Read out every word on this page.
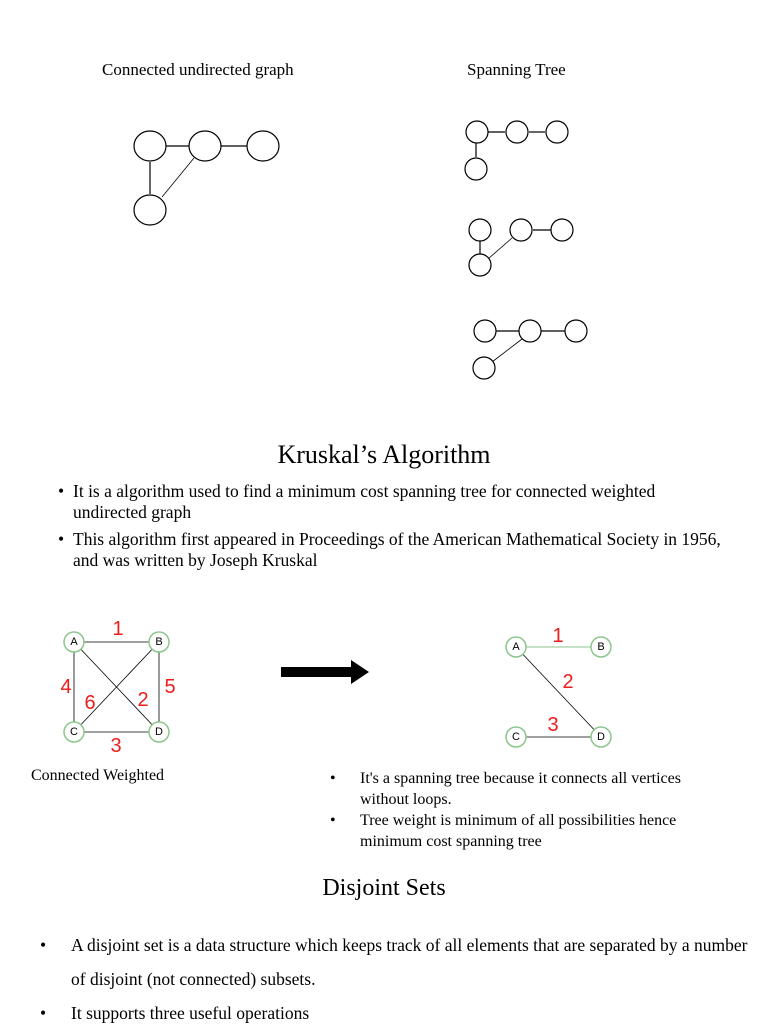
Connected undirected graph	Spanning Tree
Kruskal’s Algorithm
• It is a algorithm used to find a minimum cost spanning tree for connected weighted undirected graph
• This algorithm first appeared in Proceedings of the American Mathematical Society in 1956, and was written by Joseph Kruskal
A	B
C	D
1
2
3
4	5
6
A	B
C	D
1
2
3
Connected Weighted
•	It's a spanning tree because it connects all vertices without loops.
• Tree weight is minimum of all possibilities hence minimum cost spanning tree
Disjoint Sets
• A disjoint set is a data structure which keeps track of all elements that are separated by a number of disjoint (not connected) subsets.
• It supports three useful operations
